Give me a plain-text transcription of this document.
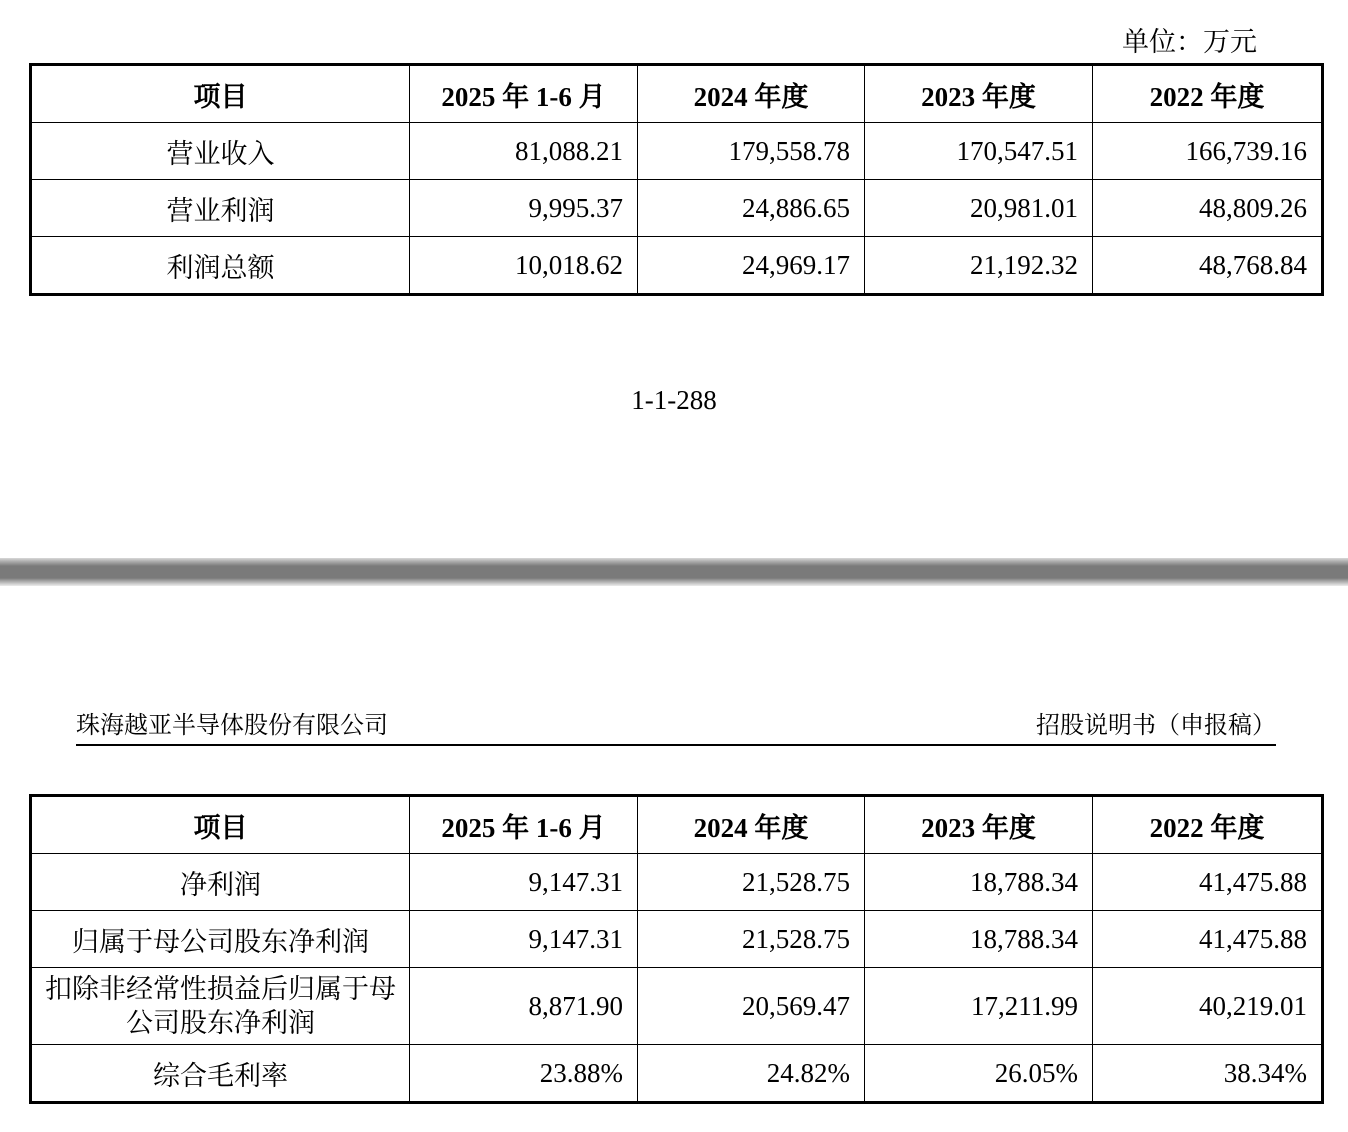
单位：万元
项目	2025 年 1-6 月	2024 年度	2023 年度	2022 年度
营业收入	81,088.21	179,558.78	170,547.51	166,739.16
营业利润	9,995.37	24,886.65	20,981.01	48,809.26
利润总额	10,018.62	24,969.17	21,192.32	48,768.84
1-1-288
珠海越亚半导体股份有限公司	招股说明书（申报稿）
项目	2025 年 1-6 月	2024 年度	2023 年度	2022 年度
净利润	9,147.31	21,528.75	18,788.34	41,475.88
归属于母公司股东净利润	9,147.31	21,528.75	18,788.34	41,475.88
扣除非经常性损益后归属于母公司股东净利润	8,871.90	20,569.47	17,211.99	40,219.01
综合毛利率	23.88%	24.82%	26.05%	38.34%
